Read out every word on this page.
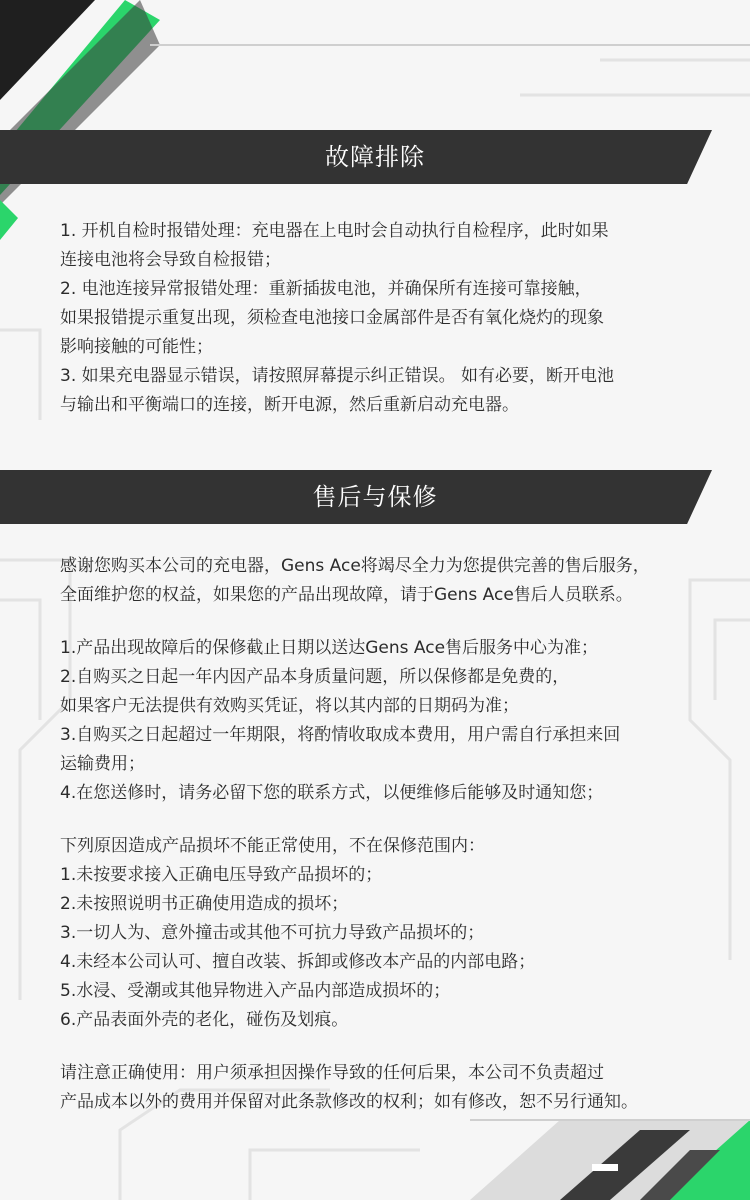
故障排除

1. 开机自检时报错处理：充电器在上电时会自动执行自检程序，此时如果

连接电池将会导致自检报错；

2. 电池连接异常报错处理：重新插拔电池，并确保所有连接可靠接触，

如果报错提示重复出现，须检查电池接口金属部件是否有氧化烧灼的现象

影响接触的可能性；

3. 如果充电器显示错误，请按照屏幕提示纠正错误。 如有必要，断开电池

与输出和平衡端口的连接，断开电源，然后重新启动充电器。

售后与保修

感谢您购买本公司的充电器，Gens Ace将竭尽全力为您提供完善的售后服务，

全面维护您的权益，如果您的产品出现故障，请于Gens Ace售后人员联系。

1.产品出现故障后的保修截止日期以送达Gens Ace售后服务中心为准；

2.自购买之日起一年内因产品本身质量问题，所以保修都是免费的，

如果客户无法提供有效购买凭证，将以其内部的日期码为准；

3.自购买之日起超过一年期限，将酌情收取成本费用，用户需自行承担来回

运输费用；

4.在您送修时，请务必留下您的联系方式，以便维修后能够及时通知您；

下列原因造成产品损坏不能正常使用，不在保修范围内：

1.未按要求接入正确电压导致产品损坏的；

2.未按照说明书正确使用造成的损坏；

3.一切人为、意外撞击或其他不可抗力导致产品损坏的；

4.未经本公司认可、擅自改装、拆卸或修改本产品的内部电路；

5.水浸、受潮或其他异物进入产品内部造成损坏的；

6.产品表面外壳的老化，碰伤及划痕。

请注意正确使用：用户须承担因操作导致的任何后果，本公司不负责超过

产品成本以外的费用并保留对此条款修改的权利；如有修改，恕不另行通知。
